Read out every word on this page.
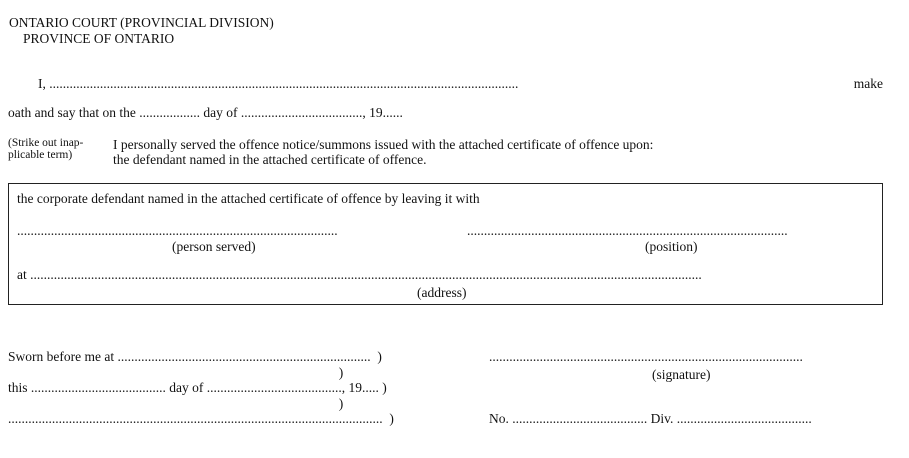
ONTARIO COURT (PROVINCIAL DIVISION)
PROVINCE OF ONTARIO
I, ...........................................................................................................................................	make
oath and say that on the .................. day of ...................................., 19......
(Strike out inap-
plicable term)
I personally served the offence notice/summons issued with the attached certificate of offence upon:
the defendant named in the attached certificate of offence.
the corporate defendant named in the attached certificate of offence by leaving it with
...............................................................................................	...............................................................................................
(person served)	(position)
at .......................................................................................................................................................................................................
(address)
Sworn before me at ...........................................................................  )
)
this ........................................ day of ........................................, 19..... )
)
...............................................................................................................  )
.............................................................................................
(signature)
No. ........................................ Div. ........................................
